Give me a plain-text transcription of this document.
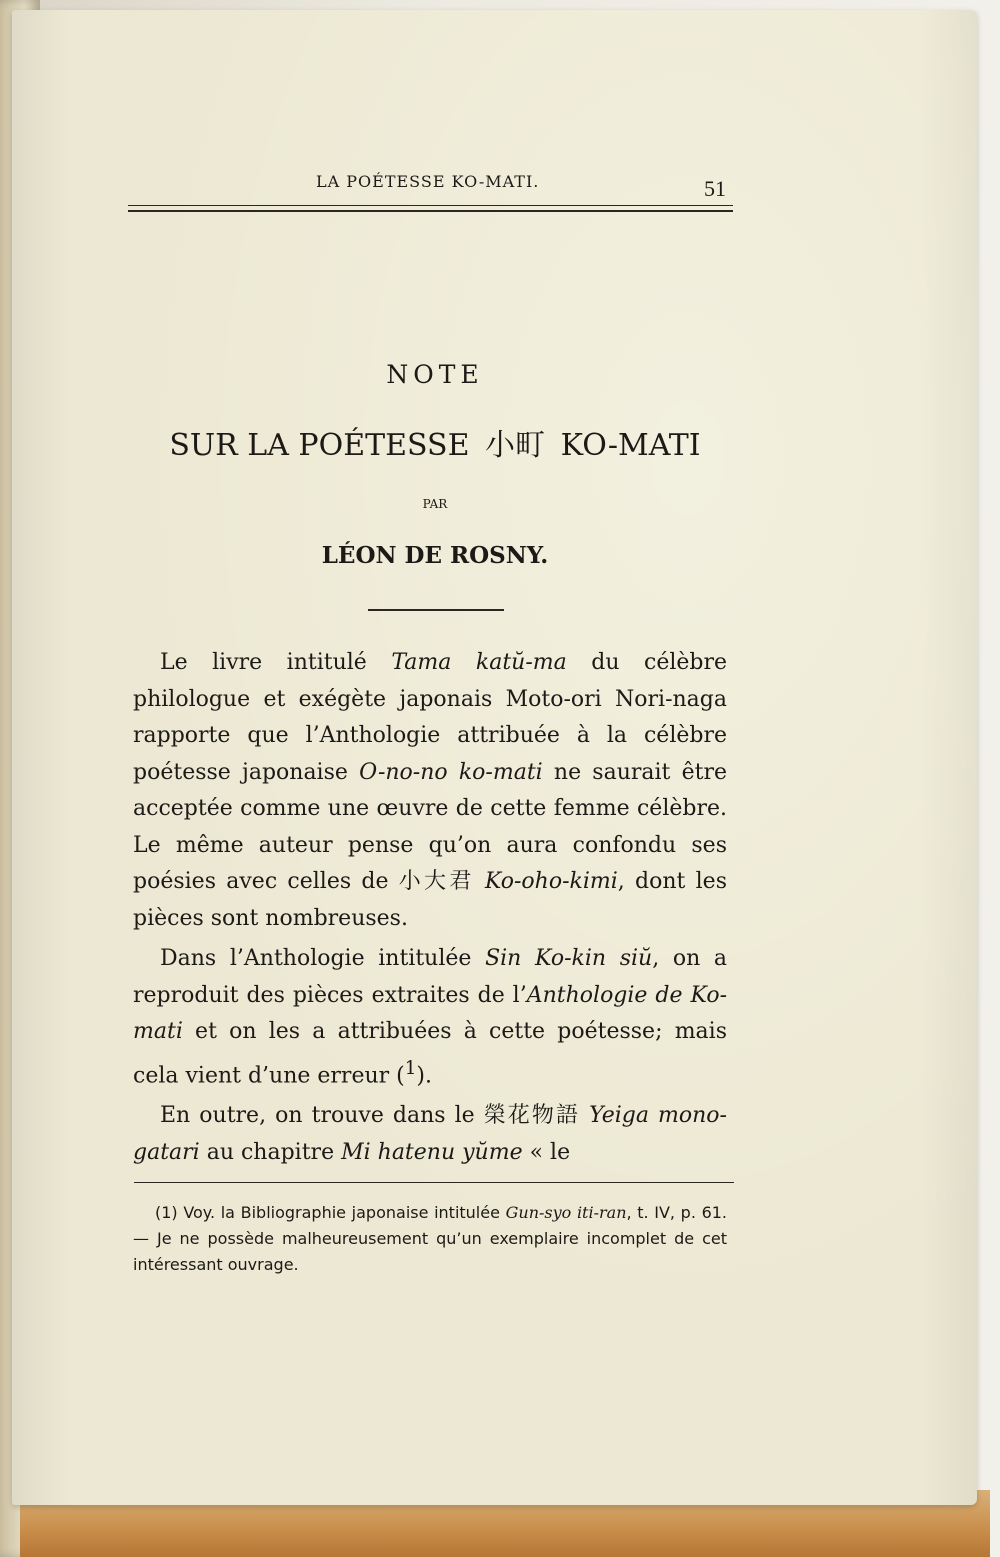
LA POÉTESSE KO-MATI.	51
NOTE
SUR LA POÉTESSE 小町 KO-MATI
PAR
LÉON DE ROSNY.

Le livre intitulé Tama katŭ-ma du célèbre philologue et exégète japonais Moto-ori Nori-naga rapporte que l’Anthologie attribuée à la célèbre poétesse japonaise O-no-no ko-mati ne saurait être acceptée comme une œuvre de cette femme célèbre. Le même auteur pense qu’on aura confondu ses poésies avec celles de 小大君 Ko-oho-kimi, dont les pièces sont nombreuses.

Dans l’Anthologie intitulée Sin Ko-kin siŭ, on a reproduit des pièces extraites de l’Anthologie de Ko-mati et on les a attribuées à cette poétesse; mais cela vient d’une erreur ($^1$).

En outre, on trouve dans le 榮花物語 Yeiga mono-gatari au chapitre Mi hatenu yŭme « le

(1) Voy. la Bibliographie japonaise intitulée Gun-syo iti-ran, t. IV, p. 61. — Je ne possède malheureusement qu’un exemplaire incomplet de cet intéressant ouvrage.
